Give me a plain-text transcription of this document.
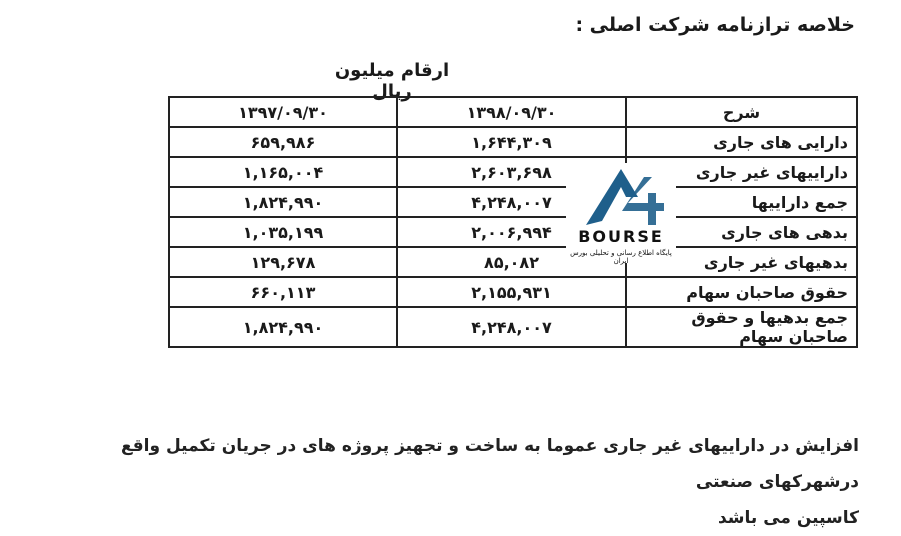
خلاصه ترازنامه شرکت اصلی :
ارقام میلیون ریال
۱۳۹۷/۰۹/۳۰	۱۳۹۸/۰۹/۳۰	شرح
۶۵۹,۹۸۶	۱,۶۴۴,۳۰۹	دارایی های جاری
۱,۱۶۵,۰۰۴	۲,۶۰۳,۶۹۸	داراییهای غیر جاری
۱,۸۲۴,۹۹۰	۴,۲۴۸,۰۰۷	جمع داراییها
۱,۰۳۵,۱۹۹	۲,۰۰۶,۹۹۴	بدهی های جاری
۱۲۹,۶۷۸	۸۵,۰۸۲	بدهیهای غیر جاری
۶۶۰,۱۱۳	۲,۱۵۵,۹۳۱	حقوق صاحبان سهام
۱,۸۲۴,۹۹۰	۴,۲۴۸,۰۰۷	جمع بدهیها و حقوق صاحبان سهام
BOURSE
پایگاه اطلاع رسانی و تحلیلی بورس ایران
افزایش در داراییهای غیر جاری عموما به ساخت و تجهیز پروژه های در جریان تکمیل واقع درشهرکهای صنعتی
کاسپین می باشد
